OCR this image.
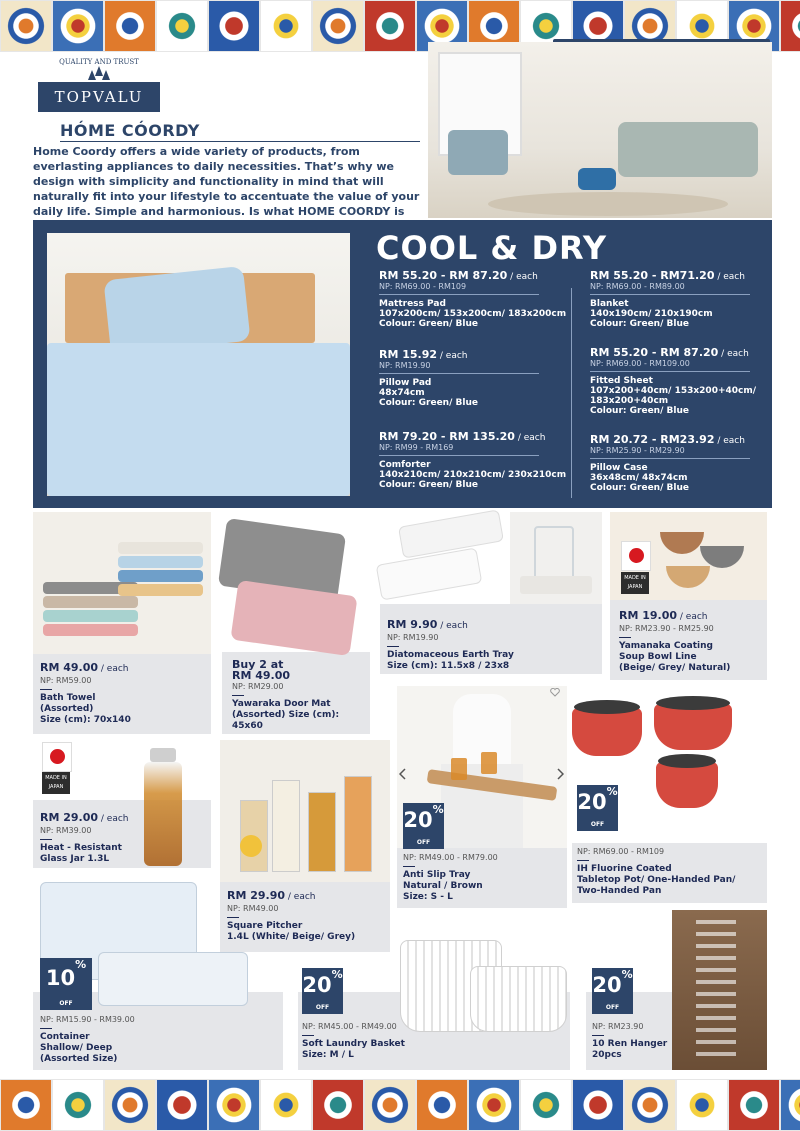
QUALITY AND TRUST
TOPVALU
HÓME CÓORDY
Home Coordy offers a wide variety of products, from everlasting appliances to daily necessities. That’s why we design with simplicity and functionality in mind that will naturally fit into your lifestyle to accentuate the value of your daily life. Simple and harmonious. Is what HOME COORDY is
COOL & DRY
RM 55.20 - RM 87.20 / each
NP: RM69.00 - RM109
Mattress Pad
107x200cm/ 153x200cm/ 183x200cm
Colour: Green/ Blue
RM 15.92 / each
NP: RM19.90
Pillow Pad
48x74cm
Colour: Green/ Blue
RM 79.20 - RM 135.20 / each
NP: RM99 - RM169
Comforter
140x210cm/ 210x210cm/ 230x210cm
Colour: Green/ Blue
RM 55.20 - RM71.20 / each
NP: RM69.00 - RM89.00
Blanket
140x190cm/ 210x190cm
Colour: Green/ Blue
RM 55.20 - RM 87.20 / each
NP: RM69.00 - RM109.00
Fitted Sheet
107x200+40cm/ 153x200+40cm/ 183x200+40cm
Colour: Green/ Blue
RM 20.72 - RM23.92 / each
NP: RM25.90 - RM29.90
Pillow Case
36x48cm/ 48x74cm
Colour: Green/ Blue
RM 49.00 / each
NP: RM59.00
Bath Towel
(Assorted)
Size (cm): 70x140
Buy 2 at
RM 49.00
NP: RM29.00
Yawaraka Door Mat
(Assorted) Size (cm): 45x60
RM 9.90 / each
NP: RM19.90
Diatomaceous Earth Tray
Size (cm): 11.5x8 / 23x8
MADE IN JAPAN
RM 19.00 / each
NP: RM23.90 - RM25.90
Yamanaka Coating
Soup Bowl Line
(Beige/ Grey/ Natural)
MADE IN JAPAN
RM 29.00 / each
NP: RM39.00
Heat - Resistant
Glass Jar 1.3L
RM 29.90 / each
NP: RM49.00
Square Pitcher
1.4L (White/ Beige/ Grey)
20%
OFF
NP: RM49.00 - RM79.00
Anti Slip Tray
Natural / Brown
Size: S - L
20%
OFF
NP: RM69.00 - RM109
IH Fluorine Coated
Tabletop Pot/ One-Handed Pan/
Two-Handed Pan
10%
OFF
NP: RM15.90 - RM39.00
Container
Shallow/ Deep
(Assorted Size)
20%
OFF
NP: RM45.00 - RM49.00
Soft Laundry Basket
Size: M / L
20%
OFF
NP: RM23.90
10 Ren Hanger
20pcs
